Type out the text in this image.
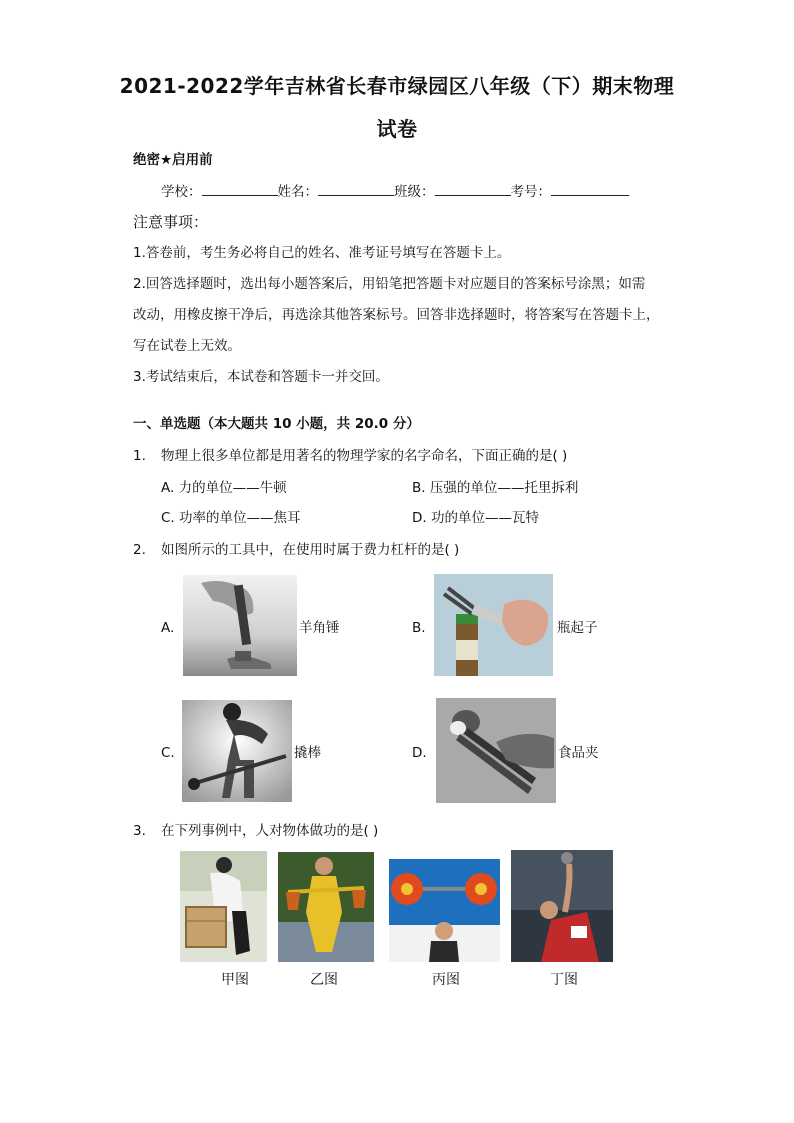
2021-2022学年吉林省长春市绿园区八年级（下）期末物理
试卷
绝密★启用前
学校：	姓名：	班级：	考号：
注意事项：
1.答卷前，考生务必将自己的姓名、准考证号填写在答题卡上。
2.回答选择题时，选出每小题答案后，用铅笔把答题卡对应题目的答案标号涂黑；如需
改动，用橡皮擦干净后，再选涂其他答案标号。回答非选择题时，将答案写在答题卡上，
写在试卷上无效。
3.考试结束后，本试卷和答题卡一并交回。
一、单选题（本大题共 10 小题，共 20.0 分）
1. 物理上很多单位都是用著名的物理学家的名字命名，下面正确的是( )
A. 力的单位——牛顿	B. 压强的单位——托里拆利
C. 功率的单位——焦耳	D. 功的单位——瓦特
2. 如图所示的工具中，在使用时属于费力杠杆的是( )
A.	羊角锤	B.	瓶起子
C.	撬棒	D.	食品夹
3. 在下列事例中，人对物体做功的是( )
甲图	乙图	丙图	丁图
